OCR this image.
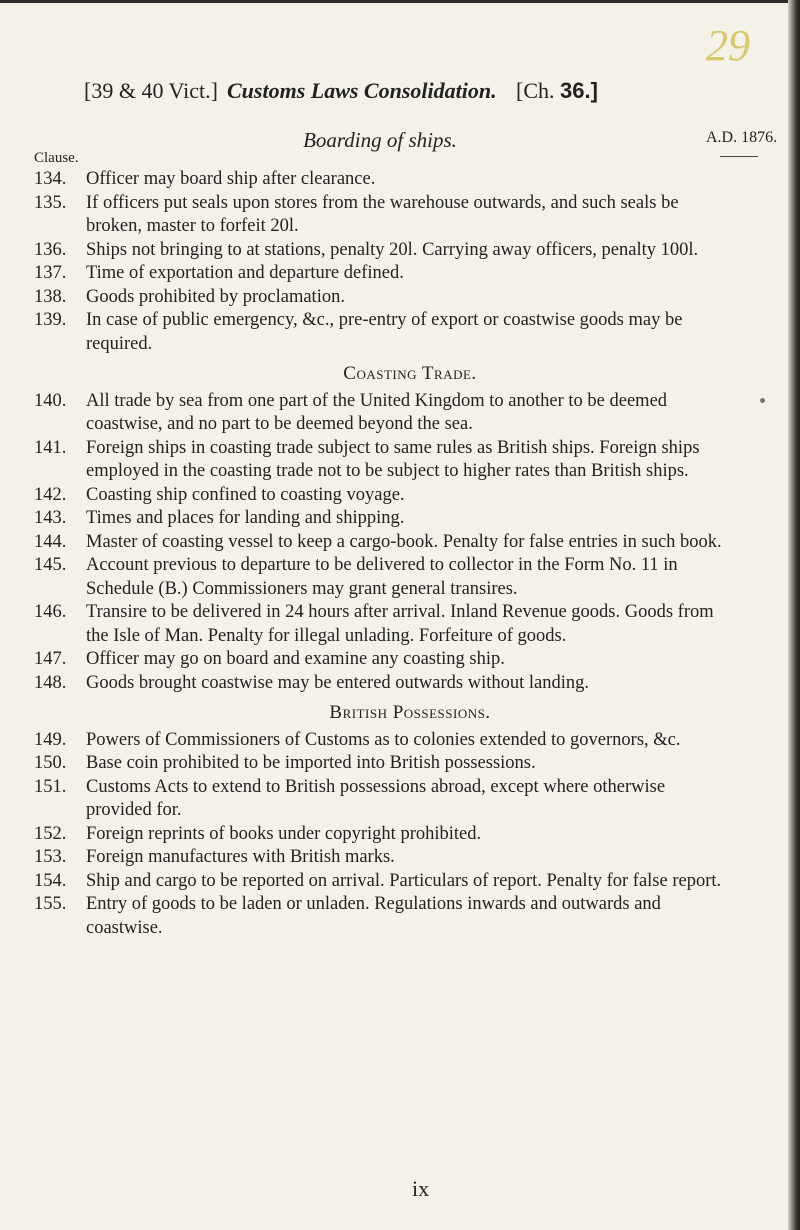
29
[39 & 40 Vict.] Customs Laws Consolidation. [Ch. 36.]
Boarding of ships.	A.D. 1876.
Clause.
134. Officer may board ship after clearance.
135. If officers put seals upon stores from the warehouse outwards, and such seals be broken, master to forfeit 20l.
136. Ships not bringing to at stations, penalty 20l. Carrying away officers, penalty 100l.
137. Time of exportation and departure defined.
138. Goods prohibited by proclamation.
139. In case of public emergency, &c., pre-entry of export or coastwise goods may be required.
Coasting Trade.
140. All trade by sea from one part of the United Kingdom to another to be deemed coastwise, and no part to be deemed beyond the sea.
141. Foreign ships in coasting trade subject to same rules as British ships. Foreign ships employed in the coasting trade not to be subject to higher rates than British ships.
142. Coasting ship confined to coasting voyage.
143. Times and places for landing and shipping.
144. Master of coasting vessel to keep a cargo-book. Penalty for false entries in such book.
145. Account previous to departure to be delivered to collector in the Form No. 11 in Schedule (B.) Commissioners may grant general transires.
146. Transire to be delivered in 24 hours after arrival. Inland Revenue goods. Goods from the Isle of Man. Penalty for illegal unlading. Forfeiture of goods.
147. Officer may go on board and examine any coasting ship.
148. Goods brought coastwise may be entered outwards without landing.
British Possessions.
149. Powers of Commissioners of Customs as to colonies extended to governors, &c.
150. Base coin prohibited to be imported into British possessions.
151. Customs Acts to extend to British possessions abroad, except where otherwise provided for.
152. Foreign reprints of books under copyright prohibited.
153. Foreign manufactures with British marks.
154. Ship and cargo to be reported on arrival. Particulars of report. Penalty for false report.
155. Entry of goods to be laden or unladen. Regulations inwards and outwards and coastwise.
ix
